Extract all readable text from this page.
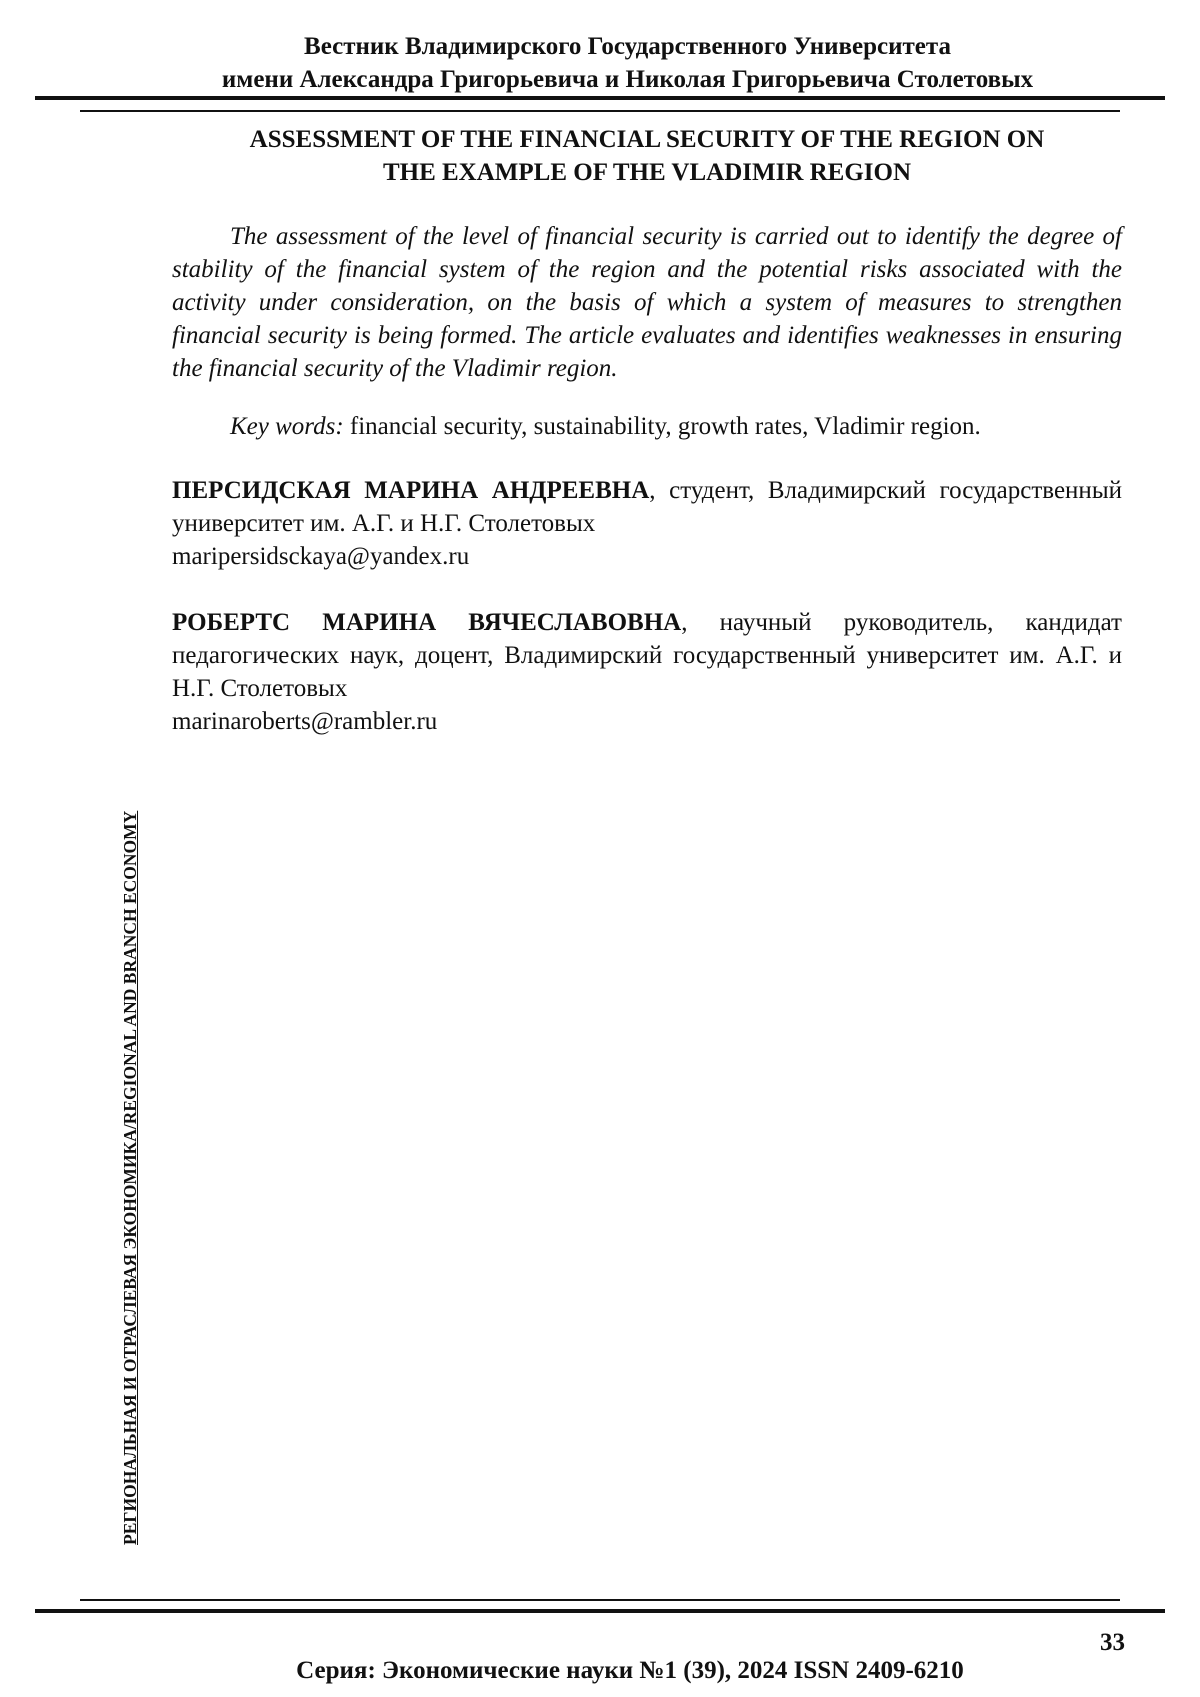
Вестник Владимирского Государственного Университета
имени Александра Григорьевича и Николая Григорьевича Столетовых
РЕГИОНАЛЬНАЯ И ОТРАСЛЕВАЯ ЭКОНОМИКА/REGIONAL AND BRANCH ECONOMY
ASSESSMENT OF THE FINANCIAL SECURITY OF THE REGION ON
THE EXAMPLE OF THE VLADIMIR REGION
The assessment of the level of financial security is carried out to identify the degree of stability of the financial system of the region and the potential risks associated with the activity under consideration, on the basis of which a system of measures to strengthen financial security is being formed. The article evaluates and identifies weaknesses in ensuring the financial security of the Vladimir region.
Key words: financial security, sustainability, growth rates, Vladimir region.
ПЕРСИДСКАЯ МАРИНА АНДРЕЕВНА, студент, Владимирский государственный университет им. А.Г. и Н.Г. Столетовых
maripersidsckaya@yandex.ru
РОБЕРТС МАРИНА ВЯЧЕСЛАВОВНА, научный руководитель, кандидат педагогических наук, доцент, Владимирский государственный университет им. А.Г. и Н.Г. Столетовых
marinaroberts@rambler.ru
33
Серия: Экономические науки №1 (39), 2024 ISSN 2409-6210
